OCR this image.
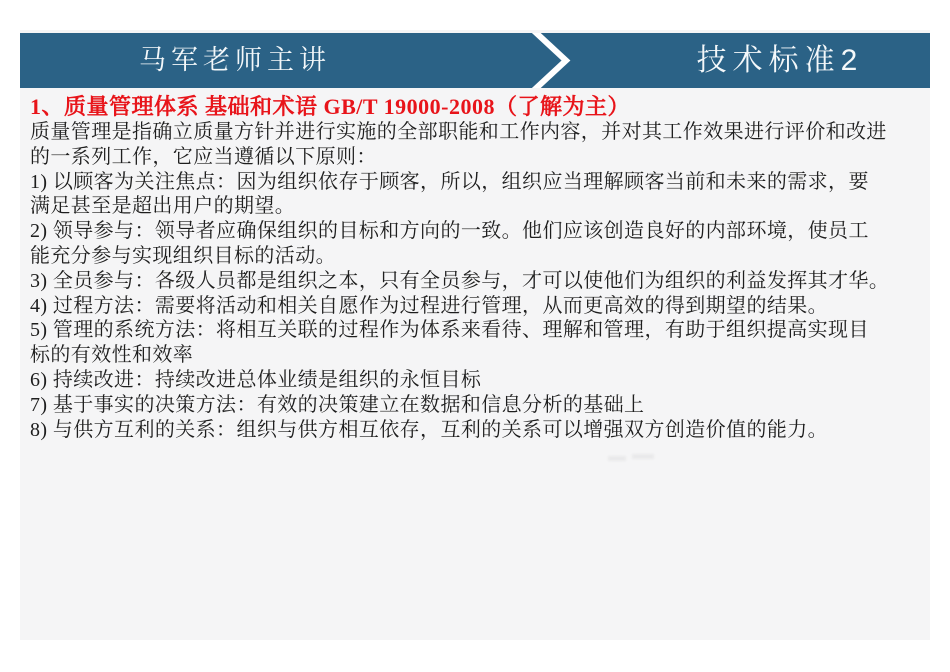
马军老师主讲	技术标准2
1、质量管理体系 基础和术语 GB/T 19000-2008（了解为主）
质量管理是指确立质量方针并进行实施的全部职能和工作内容，并对其工作效果进行评价和改进
的一系列工作，它应当遵循以下原则：
1) 以顾客为关注焦点：因为组织依存于顾客，所以，组织应当理解顾客当前和未来的需求，要
满足甚至是超出用户的期望。
2) 领导参与：领导者应确保组织的目标和方向的一致。他们应该创造良好的内部环境，使员工
能充分参与实现组织目标的活动。
3) 全员参与：各级人员都是组织之本，只有全员参与，才可以使他们为组织的利益发挥其才华。
4) 过程方法：需要将活动和相关自愿作为过程进行管理，从而更高效的得到期望的结果。
5) 管理的系统方法：将相互关联的过程作为体系来看待、理解和管理，有助于组织提高实现目
标的有效性和效率
6) 持续改进：持续改进总体业绩是组织的永恒目标
7) 基于事实的决策方法：有效的决策建立在数据和信息分析的基础上
8) 与供方互利的关系：组织与供方相互依存，互利的关系可以增强双方创造价值的能力。
